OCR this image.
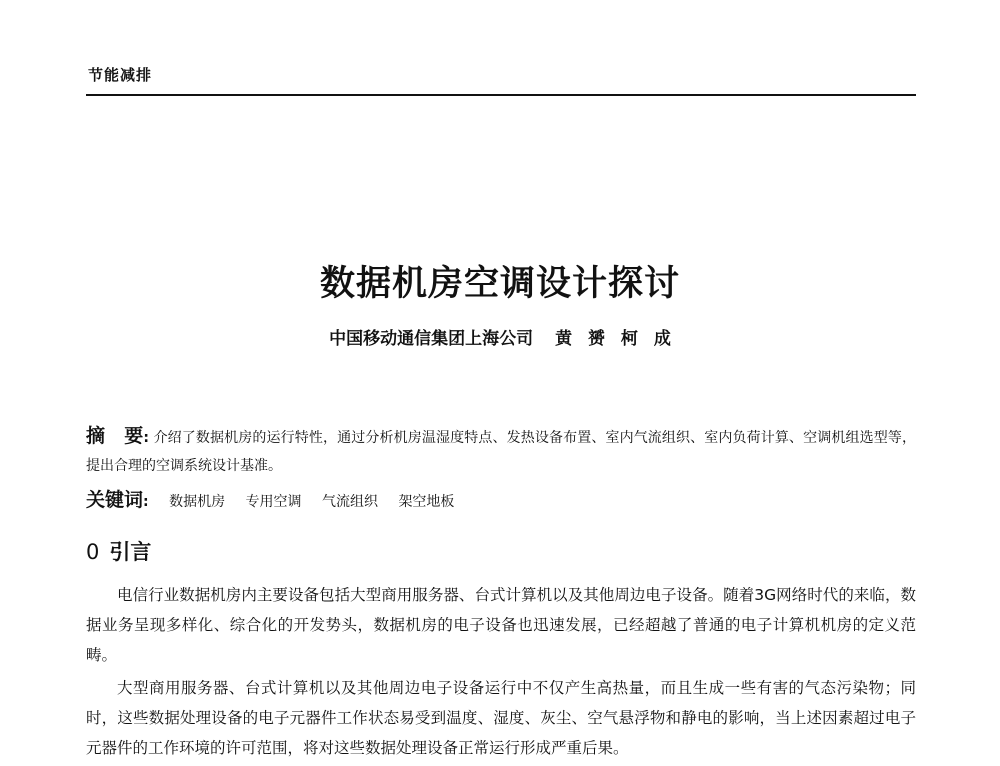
节能减排
数据机房空调设计探讨
中国移动通信集团上海公司 黄 赟 柯 成
摘　要: 介绍了数据机房的运行特性，通过分析机房温湿度特点、发热设备布置、室内气流组织、室内负荷计算、空调机组选型等，提出合理的空调系统设计基准。
关键词: 数据机房 专用空调 气流组织 架空地板
0 引言

电信行业数据机房内主要设备包括大型商用服务器、台式计算机以及其他周边电子设备。随着3G网络时代的来临，数据业务呈现多样化、综合化的开发势头，数据机房的电子设备也迅速发展，已经超越了普通的电子计算机机房的定义范畴。

大型商用服务器、台式计算机以及其他周边电子设备运行中不仅产生高热量，而且生成一些有害的气态污染物；同时，这些数据处理设备的电子元器件工作状态易受到温度、湿度、灰尘、空气悬浮物和静电的影响，当上述因素超过电子元器件的工作环境的许可范围，将对这些数据处理设备正常运行形成严重后果。
